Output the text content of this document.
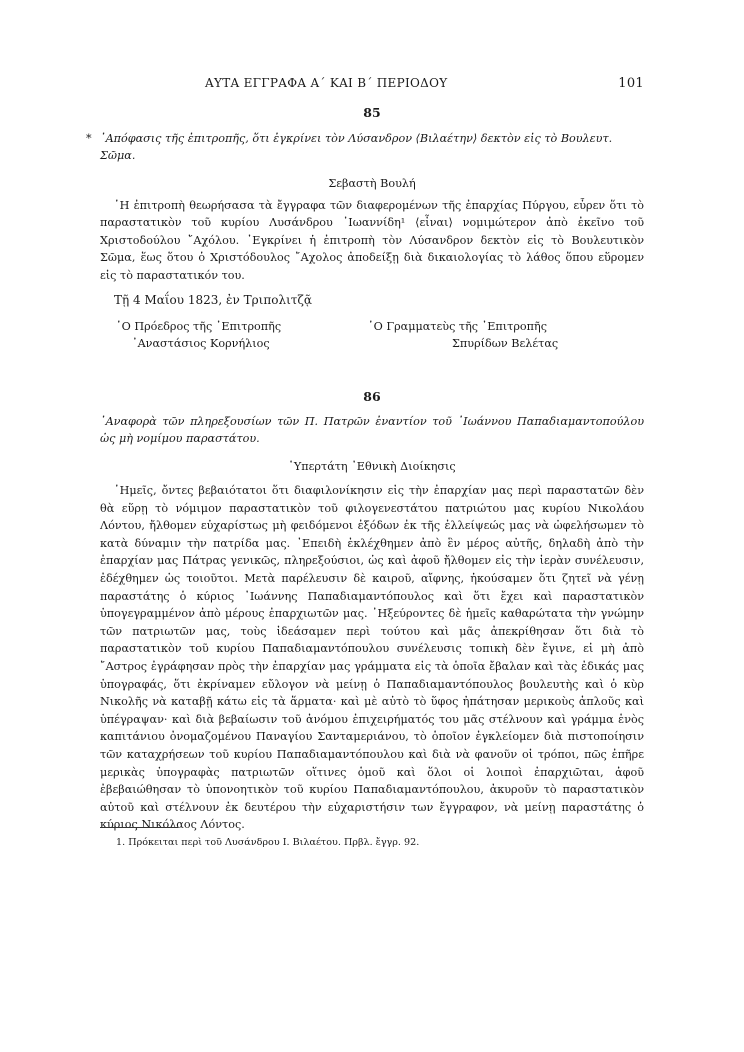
ΑΥΤΑ ΕΓΓΡΑΦΑ Α΄ ΚΑΙ Β΄ ΠΕΡΙΟΔΟΥ	101
85
* ᾿Απόφασις τῆς ἐπιτροπῆς, ὅτι ἐγκρίνει τὸν Λύσανδρον ⟨Βιλαέτην⟩ δεκτὸν εἰς τὸ Βουλευτ. Σῶμα.
Σεβαστὴ Βουλή
῾Η ἐπιτροπὴ θεωρήσασα τὰ ἔγγραφα τῶν διαφερομένων τῆς ἐπαρχίας Πύργου, εὗρεν ὅτι τὸ παραστατικὸν τοῦ κυρίου Λυσάνδρου ᾿Ιωαννίδη¹ ⟨εἶναι⟩ νομιμώτερον ἀπὸ ἐκεῖνο τοῦ Χριστοδούλου ῎Αχόλου. ᾿Εγκρίνει ἡ ἐπιτροπὴ τὸν Λύσανδρον δεκτὸν εἰς τὸ Βουλευτικὸν Σῶμα, ἕως ὅτου ὁ Χριστόδουλος ῎Αχολος ἀποδείξῃ διὰ δικαιολογίας τὸ λάθος ὅπου εὕρομεν εἰς τὸ παραστατικόν του.
Τῇ 4 Μαΐου 1823, ἐν Τριπολιτζᾷ
῾Ο Πρόεδρος τῆς ᾿Επιτροπῆς
᾿Αναστάσιος Κορνήλιος
῾Ο Γραμματεὺς τῆς ᾿Επιτροπῆς
Σπυρίδων Βελέτας
86
᾿Αναφορὰ τῶν πληρεξουσίων τῶν Π. Πατρῶν ἐναντίον τοῦ ᾿Ιωάννου Παπαδιαμαντοπούλου ὡς μὴ νομίμου παραστάτου.
῾Υπερτάτη ᾿Εθνικὴ Διοίκησις
῾Ημεῖς, ὄντες βεβαιότατοι ὅτι διαφιλονίκησιν εἰς τὴν ἐπαρχίαν μας περὶ παραστατῶν δὲν θὰ εὕρῃ τὸ νόμιμον παραστατικὸν τοῦ φιλογενεστάτου πατριώτου μας κυρίου Νικολάου Λόντου, ἤλθομεν εὐχαρίστως μὴ φειδόμενοι ἐξόδων ἐκ τῆς ἐλλείψεώς μας νὰ ὠφελήσωμεν τὸ κατὰ δύναμιν τὴν πατρίδα μας. ᾿Επειδὴ ἐκλέχθημεν ἀπὸ ἓν μέρος αὐτῆς, δηλαδὴ ἀπὸ τὴν ἐπαρχίαν μας Πάτρας γενικῶς, πληρεξούσιοι, ὡς καὶ ἀφοῦ ἤλθομεν εἰς τὴν ἱερὰν συνέλευσιν, ἐδέχθημεν ὡς τοιοῦτοι. Μετὰ παρέλευσιν δὲ καιροῦ, αἴφνης, ἠκούσαμεν ὅτι ζητεῖ νὰ γένῃ παραστάτης ὁ κύριος ᾿Ιωάννης Παπαδιαμαντόπουλος καὶ ὅτι ἔχει καὶ παραστατικὸν ὑπογεγραμμένον ἀπὸ μέρους ἐπαρχιωτῶν μας. ᾿Ηξεύροντες δὲ ἡμεῖς καθαρώτατα τὴν γνώμην τῶν πατριωτῶν μας, τοὺς ἰδεάσαμεν περὶ τούτου καὶ μᾶς ἀπεκρίθησαν ὅτι διὰ τὸ παραστατικὸν τοῦ κυρίου Παπαδιαμαντόπουλου συνέλευσις τοπικὴ δὲν ἔγινε, εἰ μὴ ἀπὸ ῎Αστρος ἐγράφησαν πρὸς τὴν ἐπαρχίαν μας γράμματα εἰς τὰ ὁποῖα ἔβαλαν καὶ τὰς ἐδικάς μας ὑπογραφάς, ὅτι ἐκρίναμεν εὔλογον νὰ μείνῃ ὁ Παπαδιαμαντόπουλος βουλευτὴς καὶ ὁ κὺρ Νικολῆς νὰ καταβῇ κάτω εἰς τὰ ἅρματα· καὶ μὲ αὐτὸ τὸ ὕφος ἠπάτησαν μερικοὺς ἁπλοῦς καὶ ὑπέγραψαν· καὶ διὰ βεβαίωσιν τοῦ ἀνόμου ἐπιχειρήματός του μᾶς στέλνουν καὶ γράμμα ἑνὸς καπιτάνιου ὀνομαζομένου Παναγίου Σανταμεριάνου, τὸ ὁποῖον ἐγκλείομεν διὰ πιστοποίησιν τῶν καταχρήσεων τοῦ κυρίου Παπαδιαμαντόπουλου καὶ διὰ νὰ φανοῦν οἱ τρόποι, πῶς ἐπῆρε μερικὰς ὑπογραφὰς πατριωτῶν οἵτινες ὁμοῦ καὶ ὅλοι οἱ λοιποὶ ἐπαρχιῶται, ἀφοῦ ἐβεβαιώθησαν τὸ ὑπονοητικὸν τοῦ κυρίου Παπαδιαμαντόπουλου, ἀκυροῦν τὸ παραστατικὸν αὐτοῦ καὶ στέλνουν ἐκ δευτέρου τὴν εὐχαριστήσιν των ἔγγραφον, νὰ μείνῃ παραστάτης ὁ κύριος Νικόλαος Λόντος.
1. Πρόκειται περὶ τοῦ Λυσάνδρου Ι. Βιλαέτου. Πρβλ. ἔγγρ. 92.
